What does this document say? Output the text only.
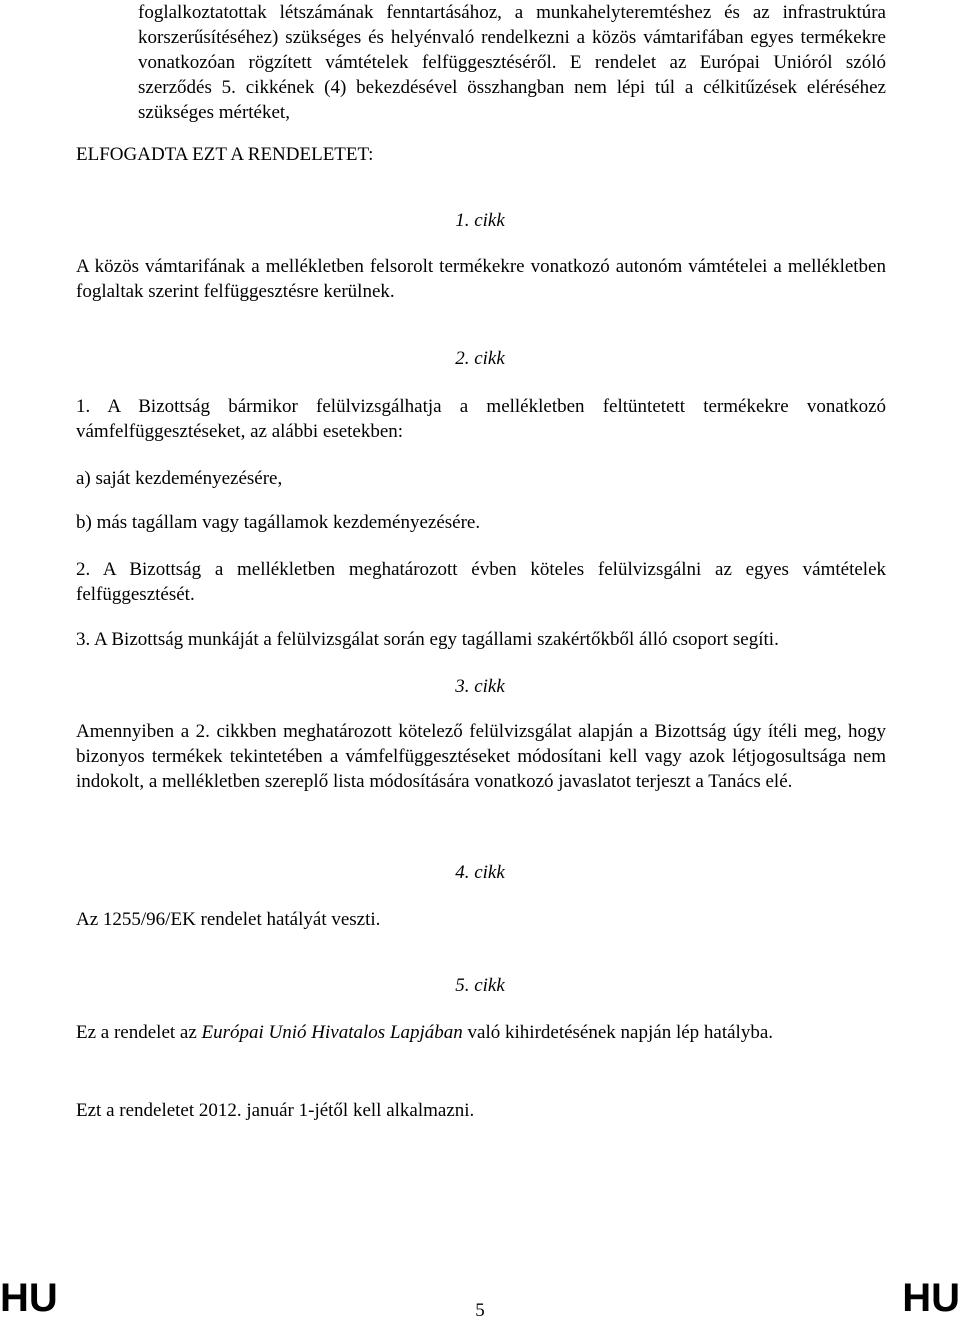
foglalkoztatottak létszámának fenntartásához, a munkahelyteremtéshez és az infrastruktúra korszerűsítéséhez) szükséges és helyénvaló rendelkezni a közös vámtarifában egyes termékekre vonatkozóan rögzített vámtételek felfüggesztéséről. E rendelet az Európai Unióról szóló szerződés 5. cikkének (4) bekezdésével összhangban nem lépi túl a célkitűzések eléréséhez szükséges mértéket,

ELFOGADTA EZT A RENDELETET:

1. cikk

A közös vámtarifának a mellékletben felsorolt termékekre vonatkozó autonóm vámtételei a mellékletben foglaltak szerint felfüggesztésre kerülnek.

2. cikk

1. A Bizottság bármikor felülvizsgálhatja a mellékletben feltüntetett termékekre vonatkozó vámfelfüggesztéseket, az alábbi esetekben:

a) saját kezdeményezésére,

b) más tagállam vagy tagállamok kezdeményezésére.

2. A Bizottság a mellékletben meghatározott évben köteles felülvizsgálni az egyes vámtételek felfüggesztését.

3. A Bizottság munkáját a felülvizsgálat során egy tagállami szakértőkből álló csoport segíti.

3. cikk

Amennyiben a 2. cikkben meghatározott kötelező felülvizsgálat alapján a Bizottság úgy ítéli meg, hogy bizonyos termékek tekintetében a vámfelfüggesztéseket módosítani kell vagy azok létjogosultsága nem indokolt, a mellékletben szereplő lista módosítására vonatkozó javaslatot terjeszt a Tanács elé.

4. cikk

Az 1255/96/EK rendelet hatályát veszti.

5. cikk

Ez a rendelet az Európai Unió Hivatalos Lapjában való kihirdetésének napján lép hatályba.

Ezt a rendeletet 2012. január 1-jétől kell alkalmazni.

HU	5	HU
